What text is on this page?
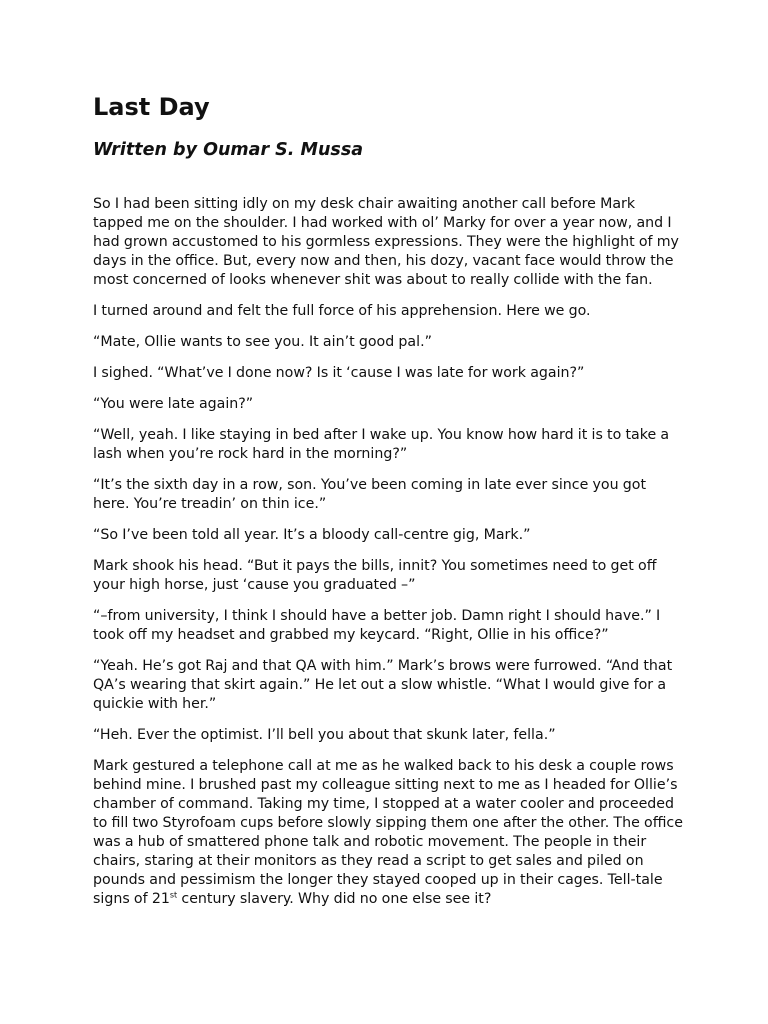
Last Day
Written by Oumar S. Mussa

So I had been sitting idly on my desk chair awaiting another call before Mark tapped me on the shoulder. I had worked with ol’ Marky for over a year now, and I had grown accustomed to his gormless expressions. They were the highlight of my days in the office. But, every now and then, his dozy, vacant face would throw the most concerned of looks whenever shit was about to really collide with the fan.

I turned around and felt the full force of his apprehension. Here we go.

“Mate, Ollie wants to see you. It ain’t good pal.”

I sighed. “What’ve I done now? Is it ‘cause I was late for work again?”

“You were late again?”

“Well, yeah. I like staying in bed after I wake up. You know how hard it is to take a lash when you’re rock hard in the morning?”

“It’s the sixth day in a row, son. You’ve been coming in late ever since you got here. You’re treadin’ on thin ice.”

“So I’ve been told all year. It’s a bloody call-centre gig, Mark.”

Mark shook his head. “But it pays the bills, innit? You sometimes need to get off your high horse, just ‘cause you graduated –”

“–from university, I think I should have a better job. Damn right I should have.” I took off my headset and grabbed my keycard. “Right, Ollie in his office?”

“Yeah. He’s got Raj and that QA with him.” Mark’s brows were furrowed. “And that QA’s wearing that skirt again.” He let out a slow whistle. “What I would give for a quickie with her.”

“Heh. Ever the optimist. I’ll bell you about that skunk later, fella.”

Mark gestured a telephone call at me as he walked back to his desk a couple rows behind mine. I brushed past my colleague sitting next to me as I headed for Ollie’s chamber of command. Taking my time, I stopped at a water cooler and proceeded to fill two Styrofoam cups before slowly sipping them one after the other. The office was a hub of smattered phone talk and robotic movement. The people in their chairs, staring at their monitors as they read a script to get sales and piled on pounds and pessimism the longer they stayed cooped up in their cages. Tell-tale signs of 21st century slavery. Why did no one else see it?
